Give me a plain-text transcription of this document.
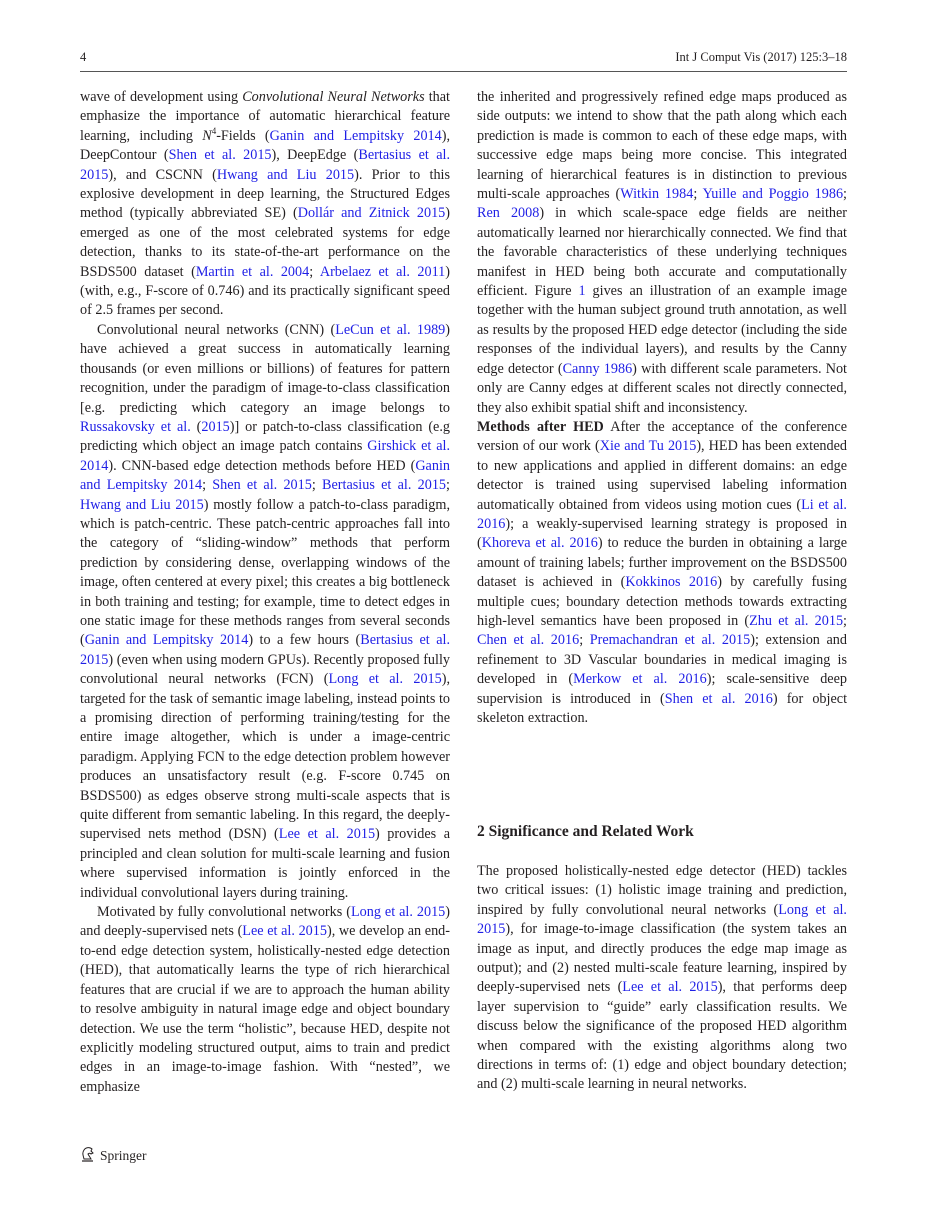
4	Int J Comput Vis (2017) 125:3–18

wave of development using Convolutional Neural Networks that emphasize the importance of automatic hierarchical feature learning, including $N^4$-Fields (Ganin and Lempitsky 2014), DeepContour (Shen et al. 2015), DeepEdge (Bertasius et al. 2015), and CSCNN (Hwang and Liu 2015). Prior to this explosive development in deep learning, the Structured Edges method (typically abbreviated SE) (Dollár and Zitnick 2015) emerged as one of the most celebrated systems for edge detection, thanks to its state-of-the-art performance on the BSDS500 dataset (Martin et al. 2004; Arbelaez et al. 2011) (with, e.g., F-score of 0.746) and its practically significant speed of 2.5 frames per second.

Convolutional neural networks (CNN) (LeCun et al. 1989) have achieved a great success in automatically learning thousands (or even millions or billions) of features for pattern recognition, under the paradigm of image-to-class classification [e.g. predicting which category an image belongs to Russakovsky et al. (2015)] or patch-to-class classification (e.g predicting which object an image patch contains Girshick et al. 2014). CNN-based edge detection methods before HED (Ganin and Lempitsky 2014; Shen et al. 2015; Bertasius et al. 2015; Hwang and Liu 2015) mostly follow a patch-to-class paradigm, which is patch-centric. These patch-centric approaches fall into the category of “sliding-window” methods that perform prediction by considering dense, overlapping windows of the image, often centered at every pixel; this creates a big bottleneck in both training and testing; for example, time to detect edges in one static image for these methods ranges from several seconds (Ganin and Lempitsky 2014) to a few hours (Bertasius et al. 2015) (even when using modern GPUs). Recently proposed fully convolutional neural networks (FCN) (Long et al. 2015), targeted for the task of semantic image labeling, instead points to a promising direction of performing training/testing for the entire image altogether, which is under a image-centric paradigm. Applying FCN to the edge detection problem however produces an unsatisfactory result (e.g. F-score 0.745 on BSDS500) as edges observe strong multi-scale aspects that is quite different from semantic labeling. In this regard, the deeply-supervised nets method (DSN) (Lee et al. 2015) provides a principled and clean solution for multi-scale learning and fusion where supervised information is jointly enforced in the individual convolutional layers during training.

Motivated by fully convolutional networks (Long et al. 2015) and deeply-supervised nets (Lee et al. 2015), we develop an end-to-end edge detection system, holistically-nested edge detection (HED), that automatically learns the type of rich hierarchical features that are crucial if we are to approach the human ability to resolve ambiguity in natural image edge and object boundary detection. We use the term “holistic”, because HED, despite not explicitly modeling structured output, aims to train and predict edges in an image-to-image fashion. With “nested”, we emphasize

the inherited and progressively refined edge maps produced as side outputs: we intend to show that the path along which each prediction is made is common to each of these edge maps, with successive edge maps being more concise. This integrated learning of hierarchical features is in distinction to previous multi-scale approaches (Witkin 1984; Yuille and Poggio 1986; Ren 2008) in which scale-space edge fields are neither automatically learned nor hierarchically connected. We find that the favorable characteristics of these underlying techniques manifest in HED being both accurate and computationally efficient. Figure 1 gives an illustration of an example image together with the human subject ground truth annotation, as well as results by the proposed HED edge detector (including the side responses of the individual layers), and results by the Canny edge detector (Canny 1986) with different scale parameters. Not only are Canny edges at different scales not directly connected, they also exhibit spatial shift and inconsistency.

Methods after HED After the acceptance of the conference version of our work (Xie and Tu 2015), HED has been extended to new applications and applied in different domains: an edge detector is trained using supervised labeling information automatically obtained from videos using motion cues (Li et al. 2016); a weakly-supervised learning strategy is proposed in (Khoreva et al. 2016) to reduce the burden in obtaining a large amount of training labels; further improvement on the BSDS500 dataset is achieved in (Kokkinos 2016) by carefully fusing multiple cues; boundary detection methods towards extracting high-level semantics have been proposed in (Zhu et al. 2015; Chen et al. 2016; Premachandran et al. 2015); extension and refinement to 3D Vascular boundaries in medical imaging is developed in (Merkow et al. 2016); scale-sensitive deep supervision is introduced in (Shen et al. 2016) for object skeleton extraction.

2 Significance and Related Work

The proposed holistically-nested edge detector (HED) tackles two critical issues: (1) holistic image training and prediction, inspired by fully convolutional neural networks (Long et al. 2015), for image-to-image classification (the system takes an image as input, and directly produces the edge map image as output); and (2) nested multi-scale feature learning, inspired by deeply-supervised nets (Lee et al. 2015), that performs deep layer supervision to “guide” early classification results. We discuss below the significance of the proposed HED algorithm when compared with the existing algorithms along two directions in terms of: (1) edge and object boundary detection; and (2) multi-scale learning in neural networks.

Springer
